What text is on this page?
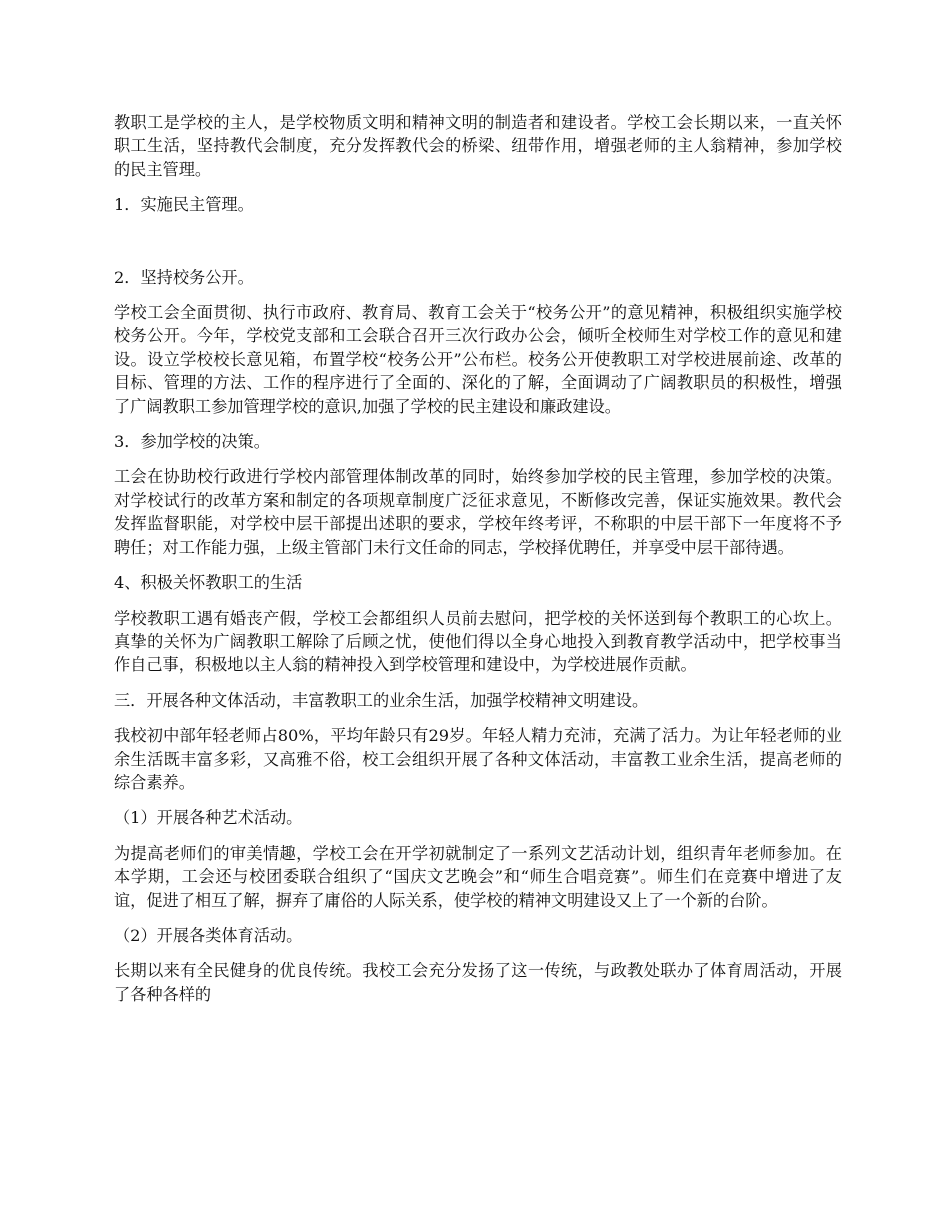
教职工是学校的主人，是学校物质文明和精神文明的制造者和建设者。学校工会长期以来，一直关怀职工生活，坚持教代会制度，充分发挥教代会的桥梁、纽带作用，增强老师的主人翁精神，参加学校的民主管理。

1．实施民主管理。

2．坚持校务公开。

学校工会全面贯彻、执行市政府、教育局、教育工会关于“校务公开”的意见精神，积极组织实施学校校务公开。今年，学校党支部和工会联合召开三次行政办公会，倾听全校师生对学校工作的意见和建设。设立学校校长意见箱，布置学校“校务公开”公布栏。校务公开使教职工对学校进展前途、改革的目标、管理的方法、工作的程序进行了全面的、深化的了解，全面调动了广阔教职员的积极性，增强了广阔教职工参加管理学校的意识,加强了学校的民主建设和廉政建设。

3．参加学校的决策。

工会在协助校行政进行学校内部管理体制改革的同时，始终参加学校的民主管理，参加学校的决策。对学校试行的改革方案和制定的各项规章制度广泛征求意见，不断修改完善，保证实施效果。教代会发挥监督职能，对学校中层干部提出述职的要求，学校年终考评，不称职的中层干部下一年度将不予聘任；对工作能力强，上级主管部门未行文任命的同志，学校择优聘任，并享受中层干部待遇。

4、积极关怀教职工的生活

学校教职工遇有婚丧产假，学校工会都组织人员前去慰问，把学校的关怀送到每个教职工的心坎上。真挚的关怀为广阔教职工解除了后顾之忧，使他们得以全身心地投入到教育教学活动中，把学校事当作自己事，积极地以主人翁的精神投入到学校管理和建设中，为学校进展作贡献。

三．开展各种文体活动，丰富教职工的业余生活，加强学校精神文明建设。

我校初中部年轻老师占80%，平均年龄只有29岁。年轻人精力充沛，充满了活力。为让年轻老师的业余生活既丰富多彩，又高雅不俗，校工会组织开展了各种文体活动，丰富教工业余生活，提高老师的综合素养。

（1）开展各种艺术活动。

为提高老师们的审美情趣，学校工会在开学初就制定了一系列文艺活动计划，组织青年老师参加。在本学期，工会还与校团委联合组织了“国庆文艺晚会”和“师生合唱竞赛”。师生们在竞赛中增进了友谊，促进了相互了解，摒弃了庸俗的人际关系，使学校的精神文明建设又上了一个新的台阶。

（2）开展各类体育活动。

长期以来有全民健身的优良传统。我校工会充分发扬了这一传统，与政教处联办了体育周活动，开展了各种各样的
